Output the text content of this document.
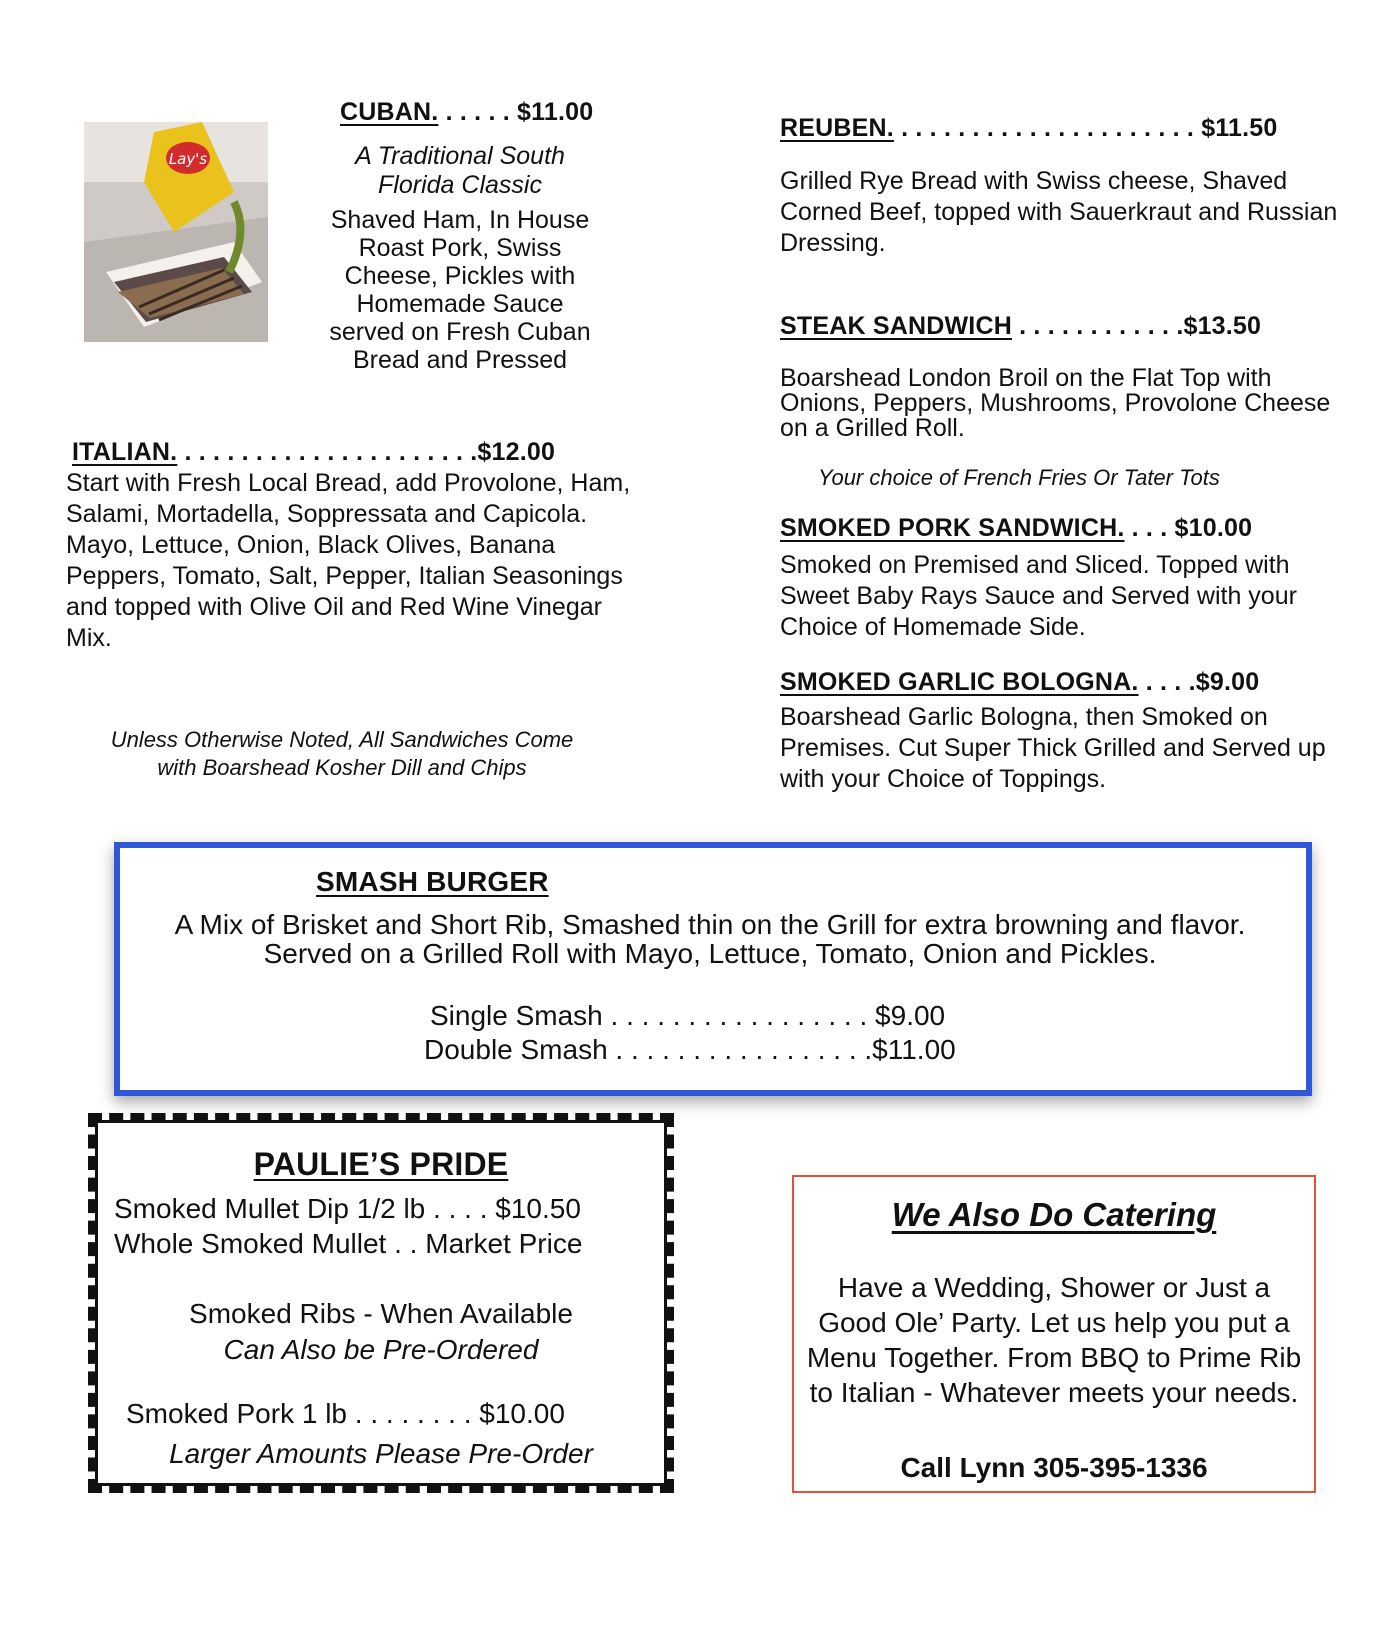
Lay's
CUBAN. . . . . . $11.00
A Traditional South
Florida Classic
Shaved Ham, In House
Roast Pork, Swiss
Cheese, Pickles with
Homemade Sauce
served on Fresh Cuban
Bread and Pressed
ITALIAN. . . . . . . . . . . . . . . . . . . . . .$12.00
Start with Fresh Local Bread, add Provolone, Ham, Salami, Mortadella, Soppressata and Capicola. Mayo, Lettuce, Onion, Black Olives, Banana Peppers, Tomato, Salt, Pepper, Italian Seasonings and topped with Olive Oil and Red Wine Vinegar Mix.
Unless Otherwise Noted, All Sandwiches Come
with Boarshead Kosher Dill and Chips
REUBEN. . . . . . . . . . . . . . . . . . . . . . $11.50
Grilled Rye Bread with Swiss cheese, Shaved Corned Beef, topped with Sauerkraut and Russian Dressing.
STEAK SANDWICH . . . . . . . . . . . .$13.50
Boarshead London Broil on the Flat Top with Onions, Peppers, Mushrooms, Provolone Cheese on a Grilled Roll.
Your choice of French Fries Or Tater Tots
SMOKED PORK SANDWICH. . . . $10.00
Smoked on Premised and Sliced. Topped with Sweet Baby Rays Sauce and Served with your Choice of Homemade Side.
SMOKED GARLIC BOLOGNA. . . . .$9.00
Boarshead Garlic Bologna, then Smoked on Premises. Cut Super Thick Grilled and Served up with your Choice of Toppings.
SMASH BURGER
A Mix of Brisket and Short Rib, Smashed thin on the Grill for extra browning and flavor. Served on a Grilled Roll with Mayo, Lettuce, Tomato, Onion and Pickles.
Single Smash . . . . . . . . . . . . . . . . . $9.00
Double Smash . . . . . . . . . . . . . . . . .$11.00
PAULIE’S PRIDE
Smoked Mullet Dip 1/2 lb . . . . $10.50
Whole Smoked Mullet . . Market Price
Smoked Ribs - When Available
Can Also be Pre-Ordered
Smoked Pork 1 lb . . . . . . . . $10.00
Larger Amounts Please Pre-Order
We Also Do Catering
Have a Wedding, Shower or Just a Good Ole’ Party. Let us help you put a Menu Together. From BBQ to Prime Rib to Italian - Whatever meets your needs.
Call Lynn 305-395-1336
